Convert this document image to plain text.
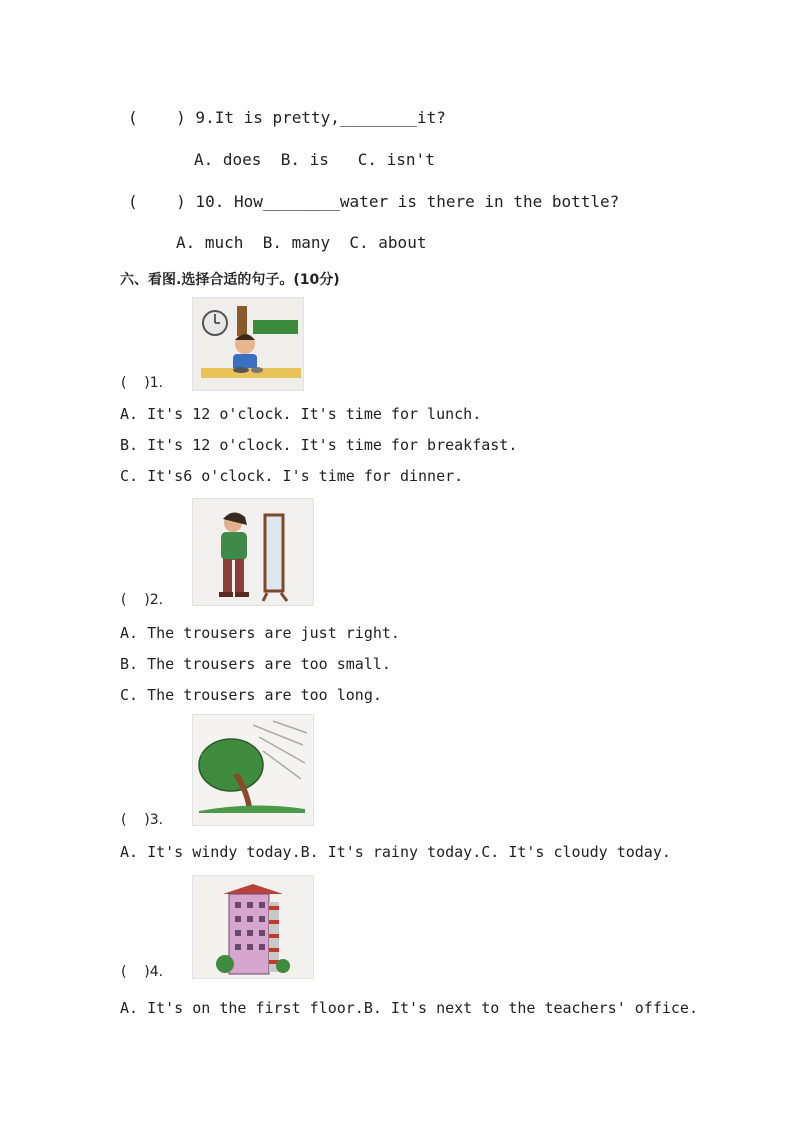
(    ) 9.It is pretty,________it?
A. does  B. is   C. isn't
(    ) 10. How________water is there in the bottle?
A. much  B. many  C. about
六、看图.选择合适的句子。(10分)
(    )1.
A. It's 12 o'clock. It's time for lunch.
B. It's 12 o'clock. It's time for breakfast.
C. It's6 o'clock. I's time for dinner.
(    )2.
A. The trousers are just right.
B. The trousers are too small.
C. The trousers are too long.
(    )3.
A. It's windy today.B. It's rainy today.C. It's cloudy today.
(    )4.
A. It's on the first floor.B. It's next to the teachers' office.
